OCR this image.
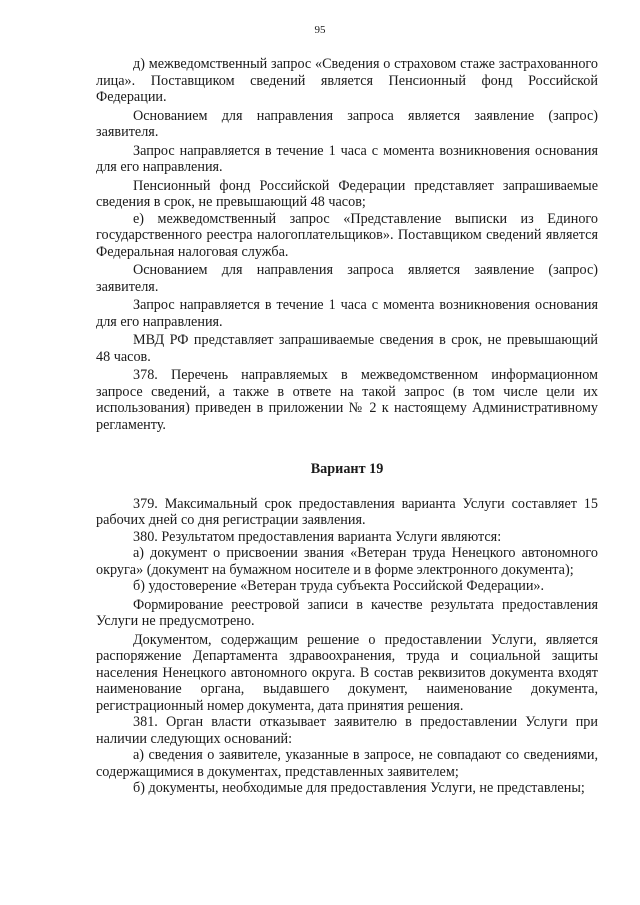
95

д) межведомственный запрос «Сведения о страховом стаже застрахованного лица». Поставщиком сведений является Пенсионный фонд Российской Федерации.

Основанием для направления запроса является заявление (запрос) заявителя.

Запрос направляется в течение 1 часа с момента возникновения основания для его направления.

Пенсионный фонд Российской Федерации представляет запрашиваемые сведения в срок, не превышающий 48 часов;

е) межведомственный запрос «Представление выписки из Единого государственного реестра налогоплательщиков». Поставщиком сведений является Федеральная налоговая служба.

Основанием для направления запроса является заявление (запрос) заявителя.

Запрос направляется в течение 1 часа с момента возникновения основания для его направления.

МВД РФ представляет запрашиваемые сведения в срок, не превышающий 48 часов.

378. Перечень направляемых в межведомственном информационном запросе сведений, а также в ответе на такой запрос (в том числе цели их использования) приведен в приложении № 2 к настоящему Административному регламенту.

Вариант 19

379. Максимальный срок предоставления варианта Услуги составляет 15 рабочих дней со дня регистрации заявления.

380. Результатом предоставления варианта Услуги являются:

а) документ о присвоении звания «Ветеран труда Ненецкого автономного округа» (документ на бумажном носителе и в форме электронного документа);

б) удостоверение «Ветеран труда субъекта Российской Федерации».

Формирование реестровой записи в качестве результата предоставления Услуги не предусмотрено.

Документом, содержащим решение о предоставлении Услуги, является распоряжение Департамента здравоохранения, труда и социальной защиты населения Ненецкого автономного округа. В состав реквизитов документа входят наименование органа, выдавшего документ, наименование документа, регистрационный номер документа, дата принятия решения.

381. Орган власти отказывает заявителю в предоставлении Услуги при наличии следующих оснований:

а) сведения о заявителе, указанные в запросе, не совпадают со сведениями, содержащимися в документах, представленных заявителем;

б) документы, необходимые для предоставления Услуги, не представлены;
